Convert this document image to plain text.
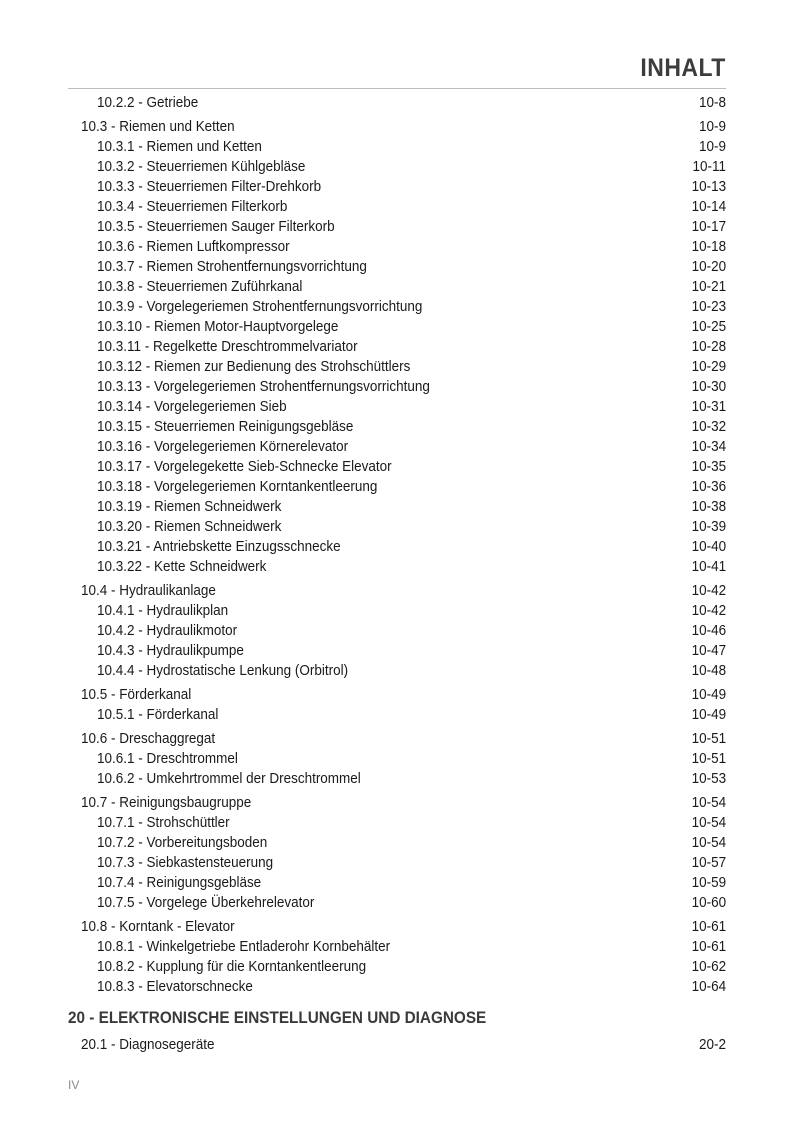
INHALT
10.2.2 - Getriebe	10-8
10.3 - Riemen und Ketten	10-9
10.3.1 - Riemen und Ketten	10-9
10.3.2 - Steuerriemen Kühlgebläse	10-11
10.3.3 - Steuerriemen Filter-Drehkorb	10-13
10.3.4 - Steuerriemen Filterkorb	10-14
10.3.5 - Steuerriemen Sauger Filterkorb	10-17
10.3.6 - Riemen Luftkompressor	10-18
10.3.7 - Riemen Strohentfernungsvorrichtung	10-20
10.3.8 - Steuerriemen Zuführkanal	10-21
10.3.9 - Vorgelegeriemen Strohentfernungsvorrichtung	10-23
10.3.10 - Riemen Motor-Hauptvorgelege	10-25
10.3.11 - Regelkette Dreschtrommelvariator	10-28
10.3.12 - Riemen zur Bedienung des Strohschüttlers	10-29
10.3.13 - Vorgelegeriemen Strohentfernungsvorrichtung	10-30
10.3.14 - Vorgelegeriemen Sieb	10-31
10.3.15 - Steuerriemen Reinigungsgebläse	10-32
10.3.16 - Vorgelegeriemen Körnerelevator	10-34
10.3.17 - Vorgelegekette Sieb-Schnecke Elevator	10-35
10.3.18 - Vorgelegeriemen Korntankentleerung	10-36
10.3.19 - Riemen Schneidwerk	10-38
10.3.20 - Riemen Schneidwerk	10-39
10.3.21 - Antriebskette Einzugsschnecke	10-40
10.3.22 - Kette Schneidwerk	10-41
10.4 - Hydraulikanlage	10-42
10.4.1 - Hydraulikplan	10-42
10.4.2 - Hydraulikmotor	10-46
10.4.3 - Hydraulikpumpe	10-47
10.4.4 - Hydrostatische Lenkung (Orbitrol)	10-48
10.5 - Förderkanal	10-49
10.5.1 - Förderkanal	10-49
10.6 - Dreschaggregat	10-51
10.6.1 - Dreschtrommel	10-51
10.6.2 - Umkehrtrommel der Dreschtrommel	10-53
10.7 - Reinigungsbaugruppe	10-54
10.7.1 - Strohschüttler	10-54
10.7.2 - Vorbereitungsboden	10-54
10.7.3 - Siebkastensteuerung	10-57
10.7.4 - Reinigungsgebläse	10-59
10.7.5 - Vorgelege Überkehrelevator	10-60
10.8 - Korntank - Elevator	10-61
10.8.1 - Winkelgetriebe Entladerohr Kornbehälter	10-61
10.8.2 - Kupplung für die Korntankentleerung	10-62
10.8.3 - Elevatorschnecke	10-64
20 - ELEKTRONISCHE EINSTELLUNGEN UND DIAGNOSE
20.1 - Diagnosegeräte	20-2
IV
